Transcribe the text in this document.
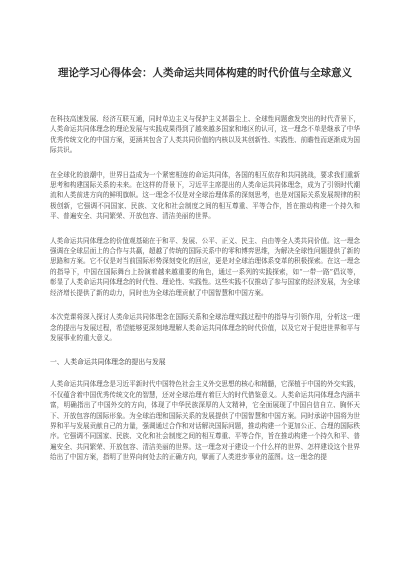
理论学习心得体会：人类命运共同体构建的时代价值与全球意义

在科技高速发展、经济互联互通，同时单边主义与保护主义甚嚣尘上、全球性问题愈发突出的时代背景下，人类命运共同体理念的理论发展与实践成果得到了越来越多国家和地区的认可，这一理念不单是继承了中华优秀传统文化的中国方案，更涵其包含了人类共同价值的内核以及其创新性、实践性、前瞻性而逐渐成为国际共识。

在全球化的浪潮中，世界日益成为一个紧密相连的命运共同体，各国的相互依存和共同挑战，要求我们重新思考和构建国际关系的未来。在这样的背景下，习近平主席提出的人类命运共同体理念，成为了引领时代潮流和人类前进方向的鲜明旗帜。这一理念不仅是对全球治理体系的深刻思考，也是对国际关系发展规律的积极创新，它强调不同国家、民族、文化和社会制度之间的相互尊重、平等合作，旨在推动构建一个持久和平、普遍安全、共同繁荣、开放包容、清洁美丽的世界。

人类命运共同体理念的价值观基础在于和平、发展、公平、正义、民主、自由等全人类共同价值。这一理念强调在全球层面上的合作与共赢，超越了传统的国际关系中的零和博弈思维，为解决全球性问题提供了新的思路和方案。它不仅是对当前国际形势深刻变化的回应，更是对全球治理体系变革的积极探索。在这一理念的指导下，中国在国际舞台上扮演着越来越重要的角色，通过一系列的实践探索，如“一带一路”倡议等，彰显了人类命运共同体理念的时代性、理论性、实践性。这些实践不仅推动了参与国家的经济发展，为全球经济增长提供了新的动力，同时也为全球治理贡献了中国智慧和中国方案。

本次党课将深入探讨人类命运共同体理念在国际关系和全球治理实践过程中的指导与引领作用，分析这一理念的提出与发展过程，希望能够更深刻地理解人类命运共同体理念的时代价值，以及它对于促进世界和平与发展事业的重大意义。

一、人类命运共同体理念的提出与发展

人类命运共同体理念是习近平新时代中国特色社会主义外交思想的核心和精髓，它深植于中国的外交实践，不仅蕴含着中国优秀传统文化的智慧，还对全球治理有着巨大的时代借鉴意义。人类命运共同体理念内涵丰富，明确指出了中国外交的方向，体现了中华民族深厚的人文精神，它全面展现了中国自信自立、胸怀天下、开放包容的国际形象。为全球治理和国际关系的发展提供了中国智慧和中国方案。同时承诺中国将为世界和平与发展贡献自己的力量，强调通过合作和对话解决国际问题，推动构建一个更加公正、合理的国际秩序。它强调不同国家、民族、文化和社会制度之间的相互尊重、平等合作，旨在推动构建一个持久和平、普遍安全、共同繁荣、开放包容、清洁美丽的世界。这一理念对于建设一个什么样的世界、怎样建设这个世界给出了中国方案，指明了世界向何处去的正确方向，擘画了人类进步事业的蓝图。这一理念的提
